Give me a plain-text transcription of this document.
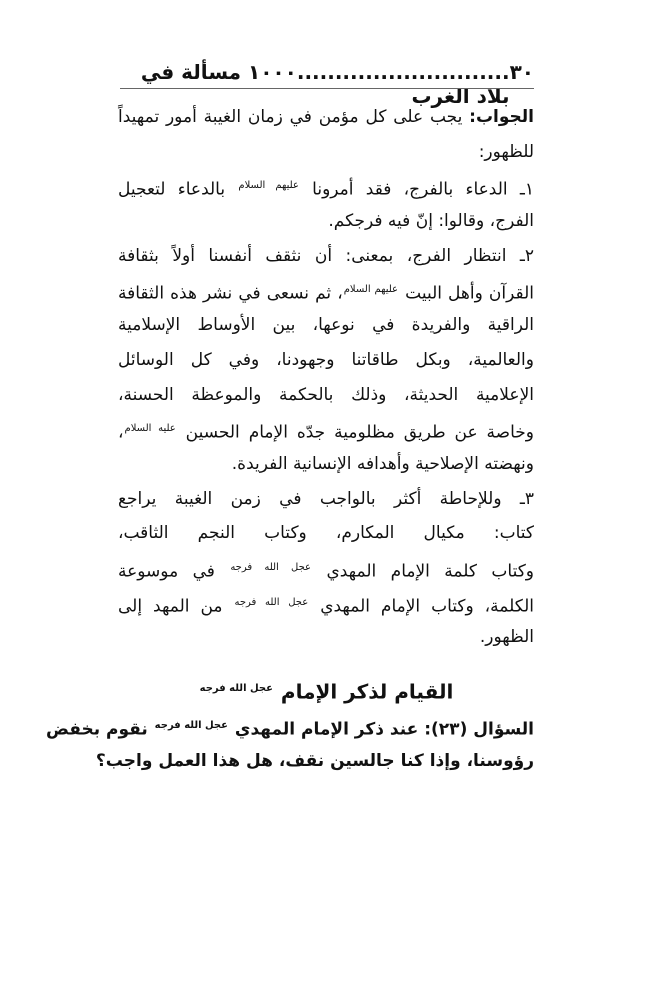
٣٠
............................١٠٠٠ مسألة في بلاد الغرب
الجواب: يجب على كل مؤمن في زمان الغيبة أمور تمهيداً
للظهور:
١ـ الدعاء بالفرج، فقد أمرونا $^{عليهم السلام}$ بالدعاء لتعجيل
الفرج، وقالوا: إنّ فيه فرجكم.
٢ـ انتظار الفرج، بمعنى: أن نثقف أنفسنا أولاً بثقافة
القرآن وأهل البيت $^{عليهم السلام}$، ثم نسعى في نشر هذه الثقافة
الراقية والفريدة في نوعها، بين الأوساط الإسلامية
والعالمية، وبكل طاقاتنا وجهودنا، وفي كل الوسائل
الإعلامية الحديثة، وذلك بالحكمة والموعظة الحسنة،
وخاصة عن طريق مظلومية جدّه الإمام الحسين $^{عليه السلام}$،
ونهضته الإصلاحية وأهدافه الإنسانية الفريدة.
٣ـ وللإحاطة أكثر بالواجب في زمن الغيبة يراجع
كتاب: مكيال المكارم، وكتاب النجم الثاقب،
وكتاب كلمة الإمام المهدي $^{عجل الله فرجه}$ في موسوعة
الكلمة، وكتاب الإمام المهدي $^{عجل الله فرجه}$ من المهد إلى
الظهور.
القيام لذكر الإمام $^{عجل الله فرجه}$
السؤال (٢٣): عند ذكر الإمام المهدي $^{عجل الله فرجه}$ نقوم بخفض
رؤوسنا، وإذا كنا جالسين نقف، هل هذا العمل واجب؟
